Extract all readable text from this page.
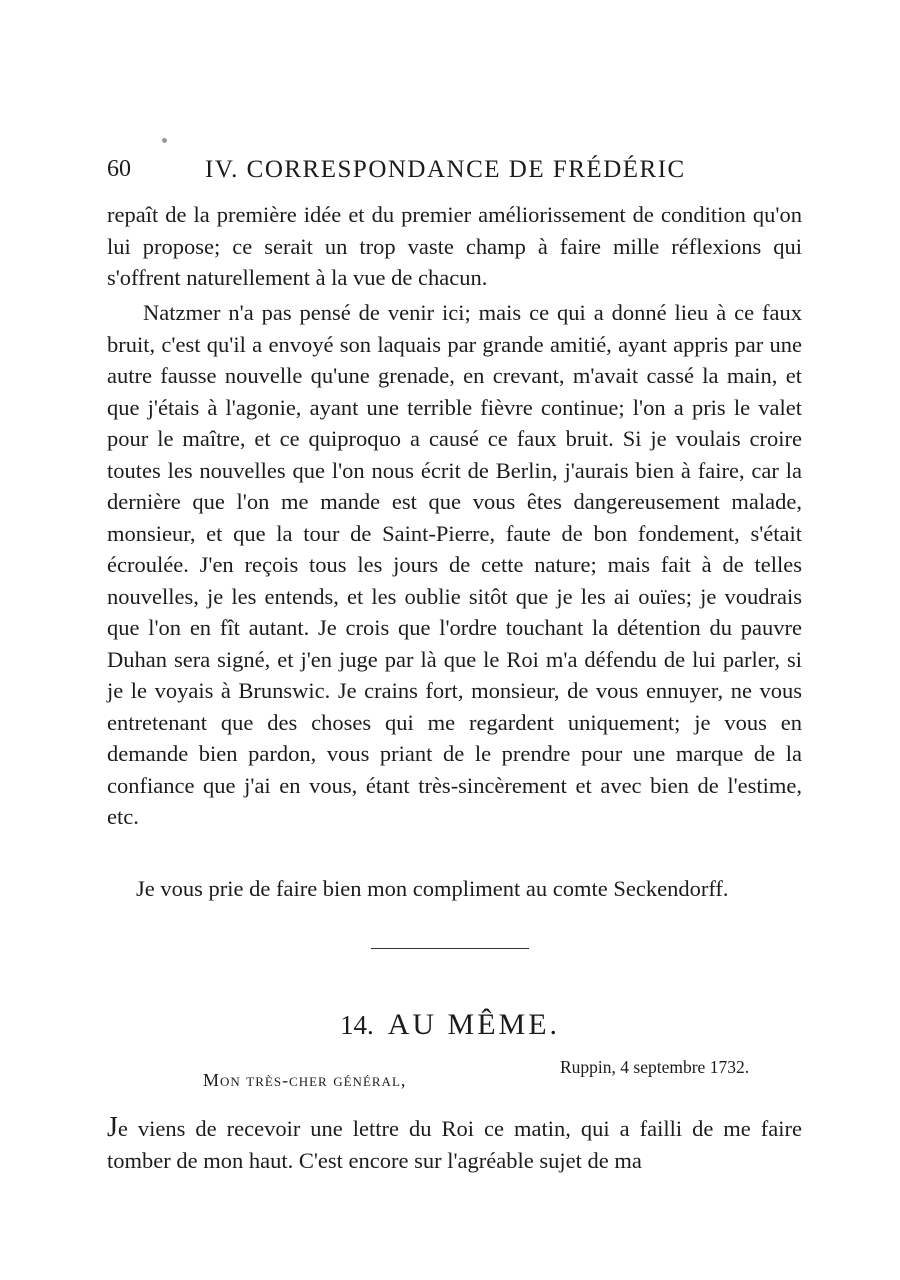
60	IV. CORRESPONDANCE DE FRÉDÉRIC

repaît de la première idée et du premier améliorissement de condition qu'on lui propose; ce serait un trop vaste champ à faire mille réflexions qui s'offrent naturellement à la vue de chacun.

Natzmer n'a pas pensé de venir ici; mais ce qui a donné lieu à ce faux bruit, c'est qu'il a envoyé son laquais par grande amitié, ayant appris par une autre fausse nouvelle qu'une grenade, en crevant, m'avait cassé la main, et que j'étais à l'agonie, ayant une terrible fièvre continue; l'on a pris le valet pour le maître, et ce quiproquo a causé ce faux bruit. Si je voulais croire toutes les nouvelles que l'on nous écrit de Berlin, j'aurais bien à faire, car la dernière que l'on me mande est que vous êtes dangereusement malade, monsieur, et que la tour de Saint-Pierre, faute de bon fondement, s'était écroulée. J'en reçois tous les jours de cette nature; mais fait à de telles nouvelles, je les entends, et les oublie sitôt que je les ai ouïes; je voudrais que l'on en fît autant. Je crois que l'ordre touchant la détention du pauvre Duhan sera signé, et j'en juge par là que le Roi m'a défendu de lui parler, si je le voyais à Brunswic. Je crains fort, monsieur, de vous ennuyer, ne vous entretenant que des choses qui me regardent uniquement; je vous en demande bien pardon, vous priant de le prendre pour une marque de la confiance que j'ai en vous, étant très-sincèrement et avec bien de l'estime, etc.

Je vous prie de faire bien mon compliment au comte Seckendorff.
14. AU MÊME.
Ruppin, 4 septembre 1732.
Mon très-cher général,

Je viens de recevoir une lettre du Roi ce matin, qui a failli de me faire tomber de mon haut. C'est encore sur l'agréable sujet de ma
